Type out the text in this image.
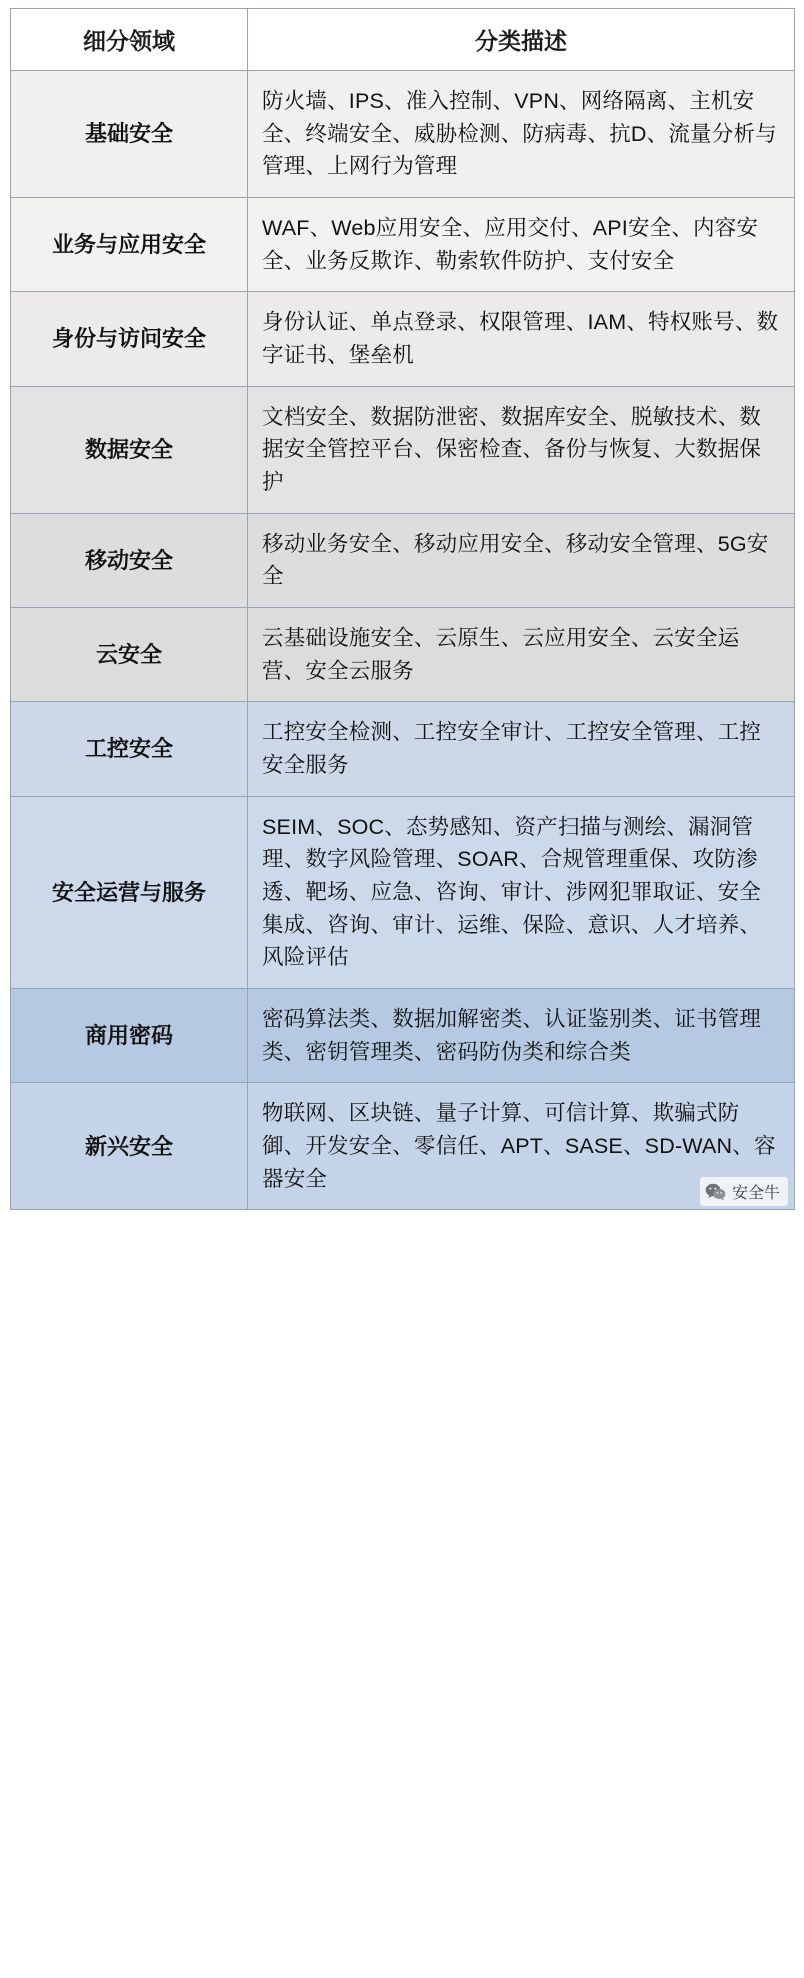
细分领域	分类描述
基础安全	防火墙、IPS、准入控制、VPN、网络隔离、主机安全、终端安全、威胁检测、防病毒、抗D、流量分析与管理、上网行为管理
业务与应用安全	WAF、Web应用安全、应用交付、API安全、内容安全、业务反欺诈、勒索软件防护、支付安全
身份与访问安全	身份认证、单点登录、权限管理、IAM、特权账号、数字证书、堡垒机
数据安全	文档安全、数据防泄密、数据库安全、脱敏技术、数据安全管控平台、保密检查、备份与恢复、大数据保护
移动安全	移动业务安全、移动应用安全、移动安全管理、5G安全
云安全	云基础设施安全、云原生、云应用安全、云安全运营、安全云服务
工控安全	工控安全检测、工控安全审计、工控安全管理、工控安全服务
安全运营与服务	SEIM、SOC、态势感知、资产扫描与测绘、漏洞管理、数字风险管理、SOAR、合规管理重保、攻防渗透、靶场、应急、咨询、审计、涉网犯罪取证、安全集成、咨询、审计、运维、保险、意识、人才培养、风险评估
商用密码	密码算法类、数据加解密类、认证鉴别类、证书管理类、密钥管理类、密码防伪类和综合类
新兴安全	物联网、区块链、量子计算、可信计算、欺骗式防御、开发安全、零信任、APT、SASE、SD-WAN、容器安全
安全牛
